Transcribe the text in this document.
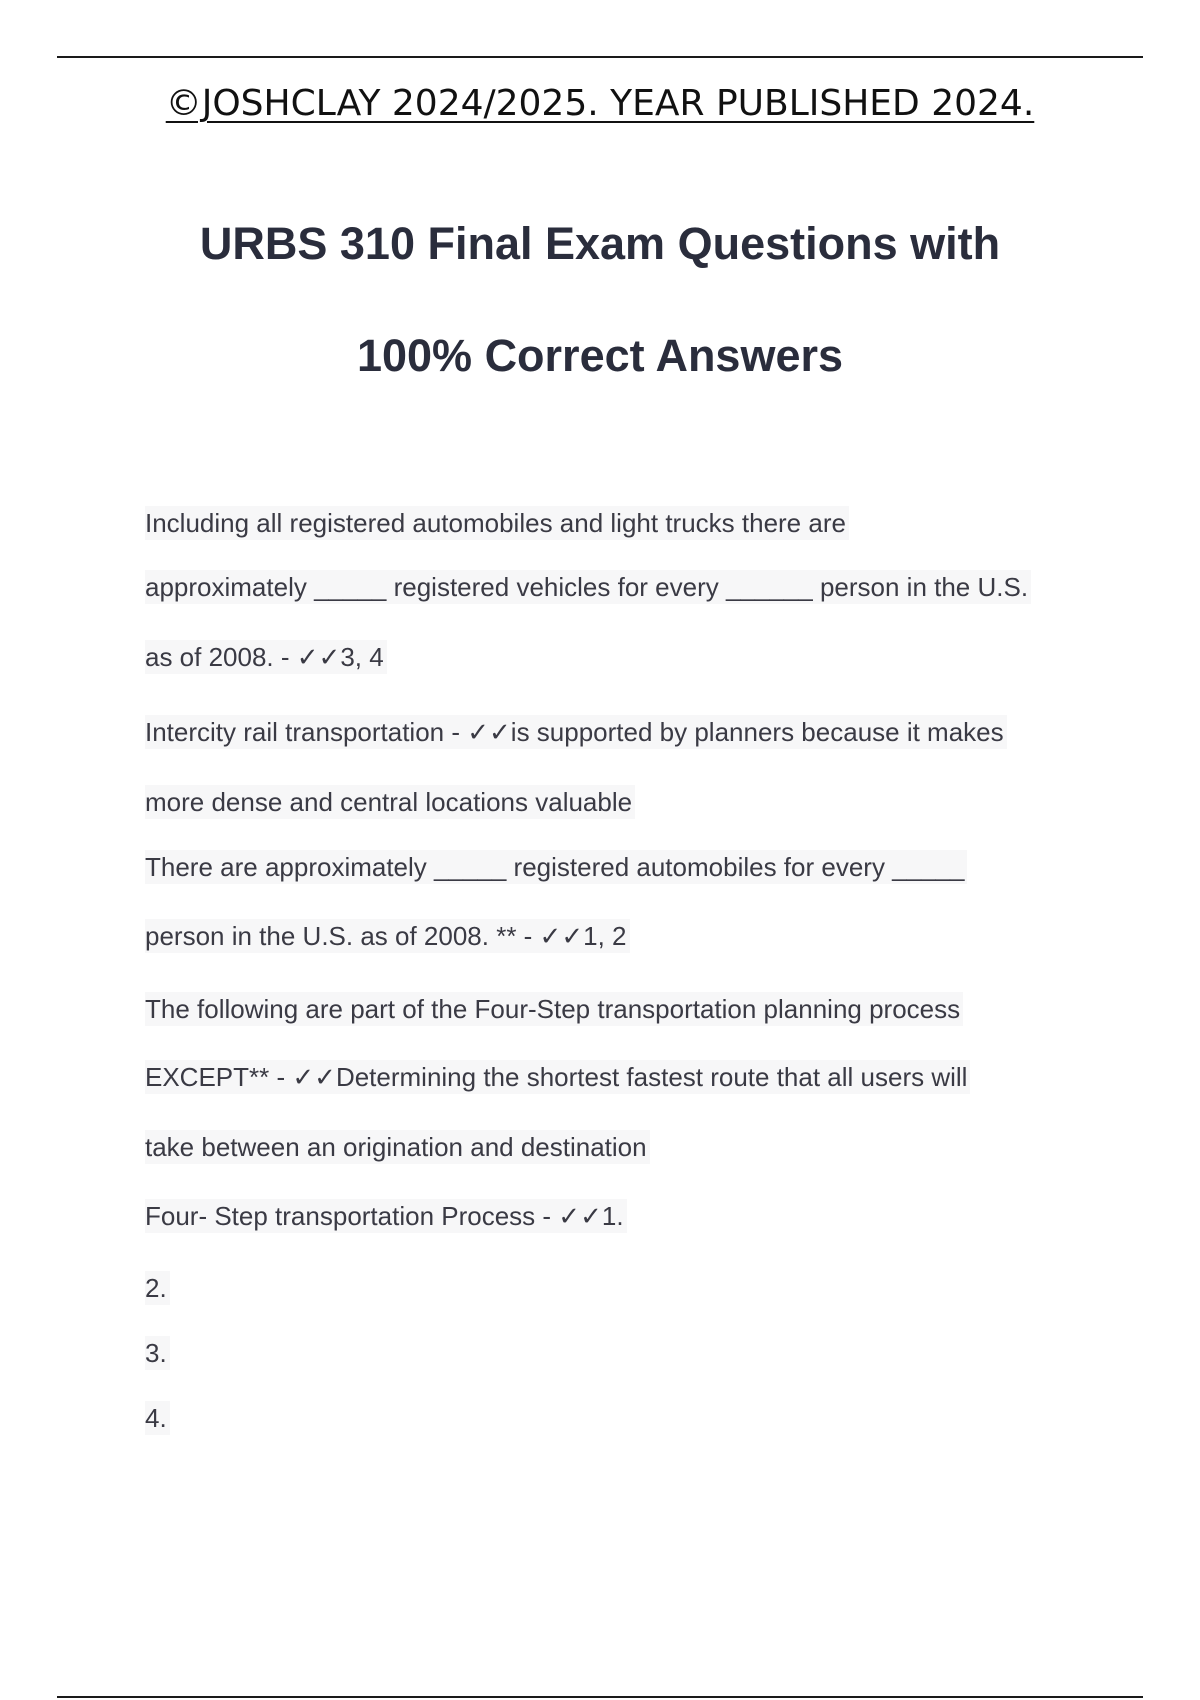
©JOSHCLAY 2024/2025. YEAR PUBLISHED 2024.
URBS 310 Final Exam Questions with
100% Correct Answers
Including all registered automobiles and light trucks there are
approximately _____ registered vehicles for every ______ person in the U.S.
as of 2008. - ✓✓3, 4
Intercity rail transportation - ✓✓is supported by planners because it makes
more dense and central locations valuable
There are approximately _____ registered automobiles for every _____
person in the U.S. as of 2008. ** - ✓✓1, 2
The following are part of the Four-Step transportation planning process
EXCEPT** - ✓✓Determining the shortest fastest route that all users will
take between an origination and destination
Four- Step transportation Process - ✓✓1.
2.
3.
4.
